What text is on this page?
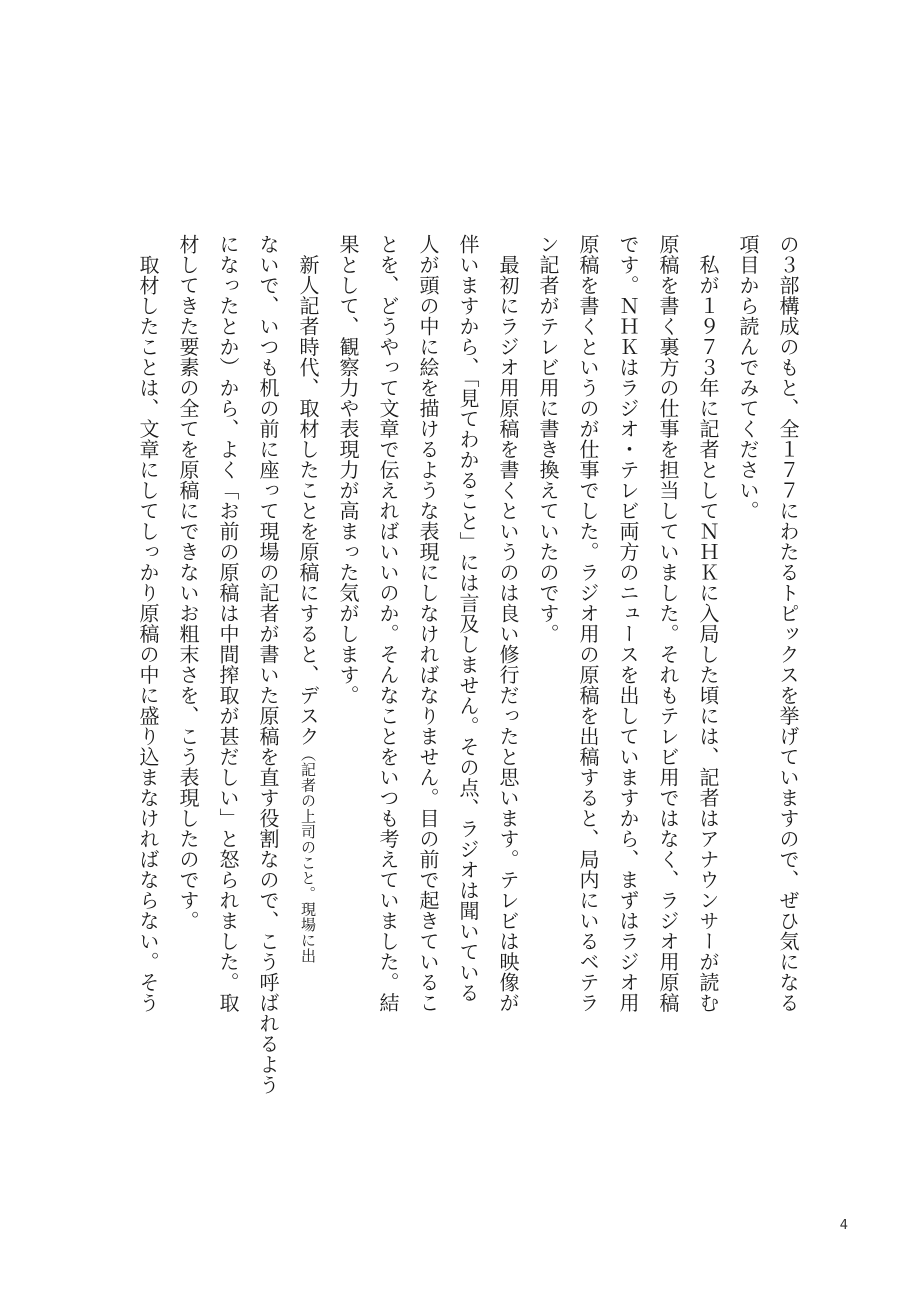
の３部構成のもと、全１７７にわたるトピックスを挙げていますので、ぜひ気になる

項目から読んでみてください。

　私が１９７３年に記者としてＮＨＫに入局した頃には、記者はアナウンサーが読む

原稿を書く裏方の仕事を担当していました。それもテレビ用ではなく、ラジオ用原稿

です。ＮＨＫはラジオ・テレビ両方のニュースを出していますから、まずはラジオ用

原稿を書くというのが仕事でした。ラジオ用の原稿を出稿すると、局内にいるベテラ

ン記者がテレビ用に書き換えていたのです。

　最初にラジオ用原稿を書くというのは良い修行だったと思います。テレビは映像が

伴いますから、「見てわかること」には言及しません。その点、ラジオは聞いている

人が頭の中に絵を描けるような表現にしなければなりません。目の前で起きているこ

とを、どうやって文章で伝えればいいのか。そんなことをいつも考えていました。結

果として、観察力や表現力が高まった気がします。

　新人記者時代、取材したことを原稿にすると、デスク（記者の上司のこと。現場に出

ないで、いつも机の前に座って現場の記者が書いた原稿を直す役割なので、こう呼ばれるよう

になったとか）から、よく「お前の原稿は中間搾取が甚だしい」と怒られました。取

材してきた要素の全てを原稿にできないお粗末さを、こう表現したのです。

　取材したことは、文章にしてしっかり原稿の中に盛り込まなければならない。そう

4
